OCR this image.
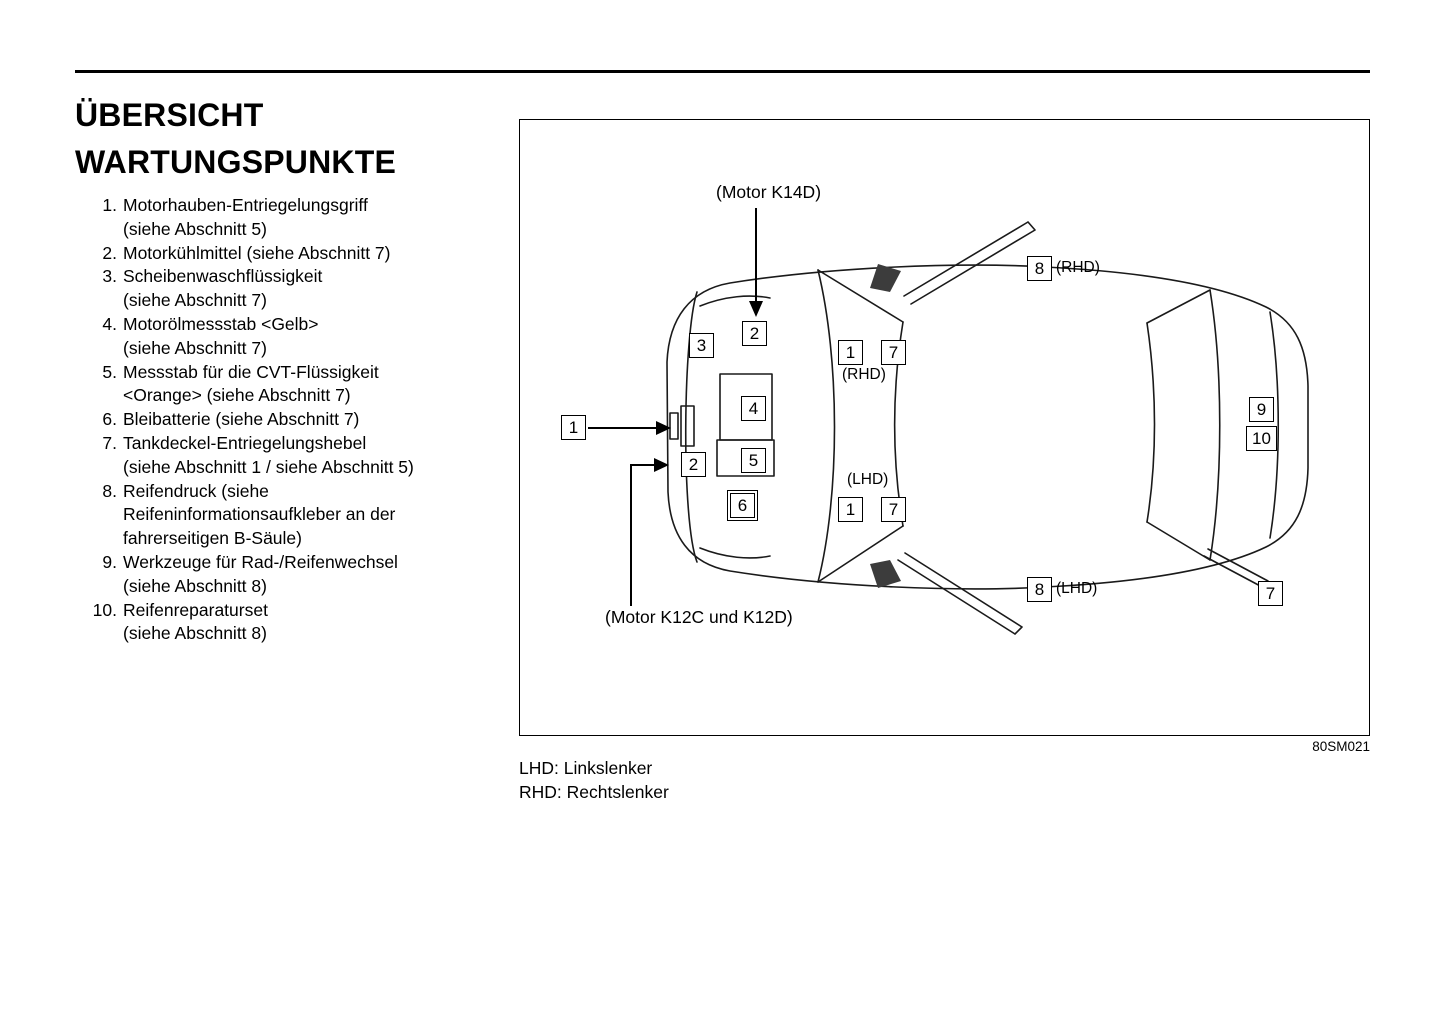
ÜBERSICHT
WARTUNGSPUNKTE
1. Motorhauben-Entriegelungsgriff
(siehe Abschnitt 5)
2. Motorkühlmittel (siehe Abschnitt 7)
3. Scheibenwaschflüssigkeit
(siehe Abschnitt 7)
4. Motorölmessstab <Gelb>
(siehe Abschnitt 7)
5. Messstab für die CVT-Flüssigkeit
<Orange> (siehe Abschnitt 7)
6. Bleibatterie (siehe Abschnitt 7)
7. Tankdeckel-Entriegelungshebel
(siehe Abschnitt 1 / siehe Abschnitt 5)
8. Reifendruck (siehe
Reifeninformationsaufkleber an der
fahrerseitigen B-Säule)
9. Werkzeuge für Rad-/Reifenwechsel
(siehe Abschnitt 8)
10. Reifenreparaturset
(siehe Abschnitt 8)
(Motor K14D)
(Motor K12C und K12D)
(RHD)
(LHD)
(RHD)
(LHD)
2
3	1	7
4
1
2	5
6	1	7
8
9
10
8	7
80SM021
LHD: Linkslenker
RHD: Rechtslenker
